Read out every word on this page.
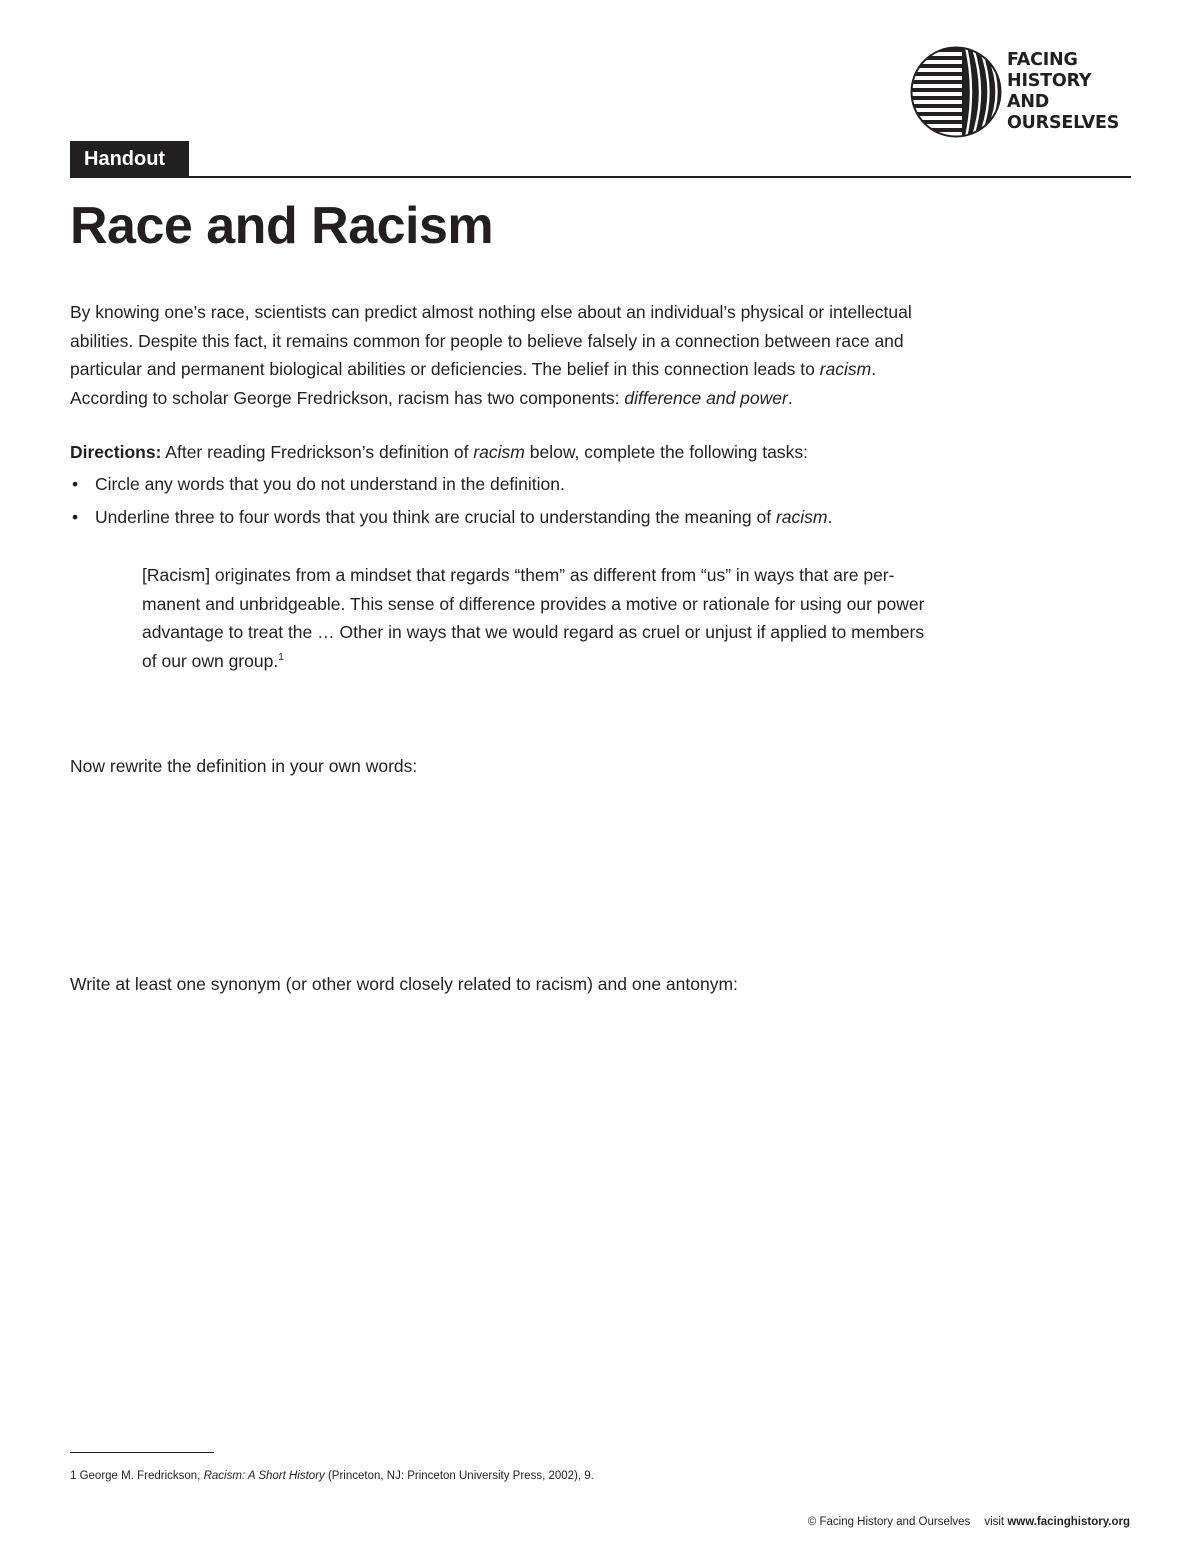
FACING
HISTORY
AND
OURSELVES
Handout
Race and Racism
By knowing one’s race, scientists can predict almost nothing else about an individual’s physical or intellectual
abilities. Despite this fact, it remains common for people to believe falsely in a connection between race and
particular and permanent biological abilities or deficiencies. The belief in this connection leads to racism.
According to scholar George Fredrickson, racism has two components: difference and power.
Directions: After reading Fredrickson’s definition of racism below, complete the following tasks:
• Circle any words that you do not understand in the definition.
• Underline three to four words that you think are crucial to understanding the meaning of racism.
[Racism] originates from a mindset that regards “them” as different from “us” in ways that are per-
manent and unbridgeable. This sense of difference provides a motive or rationale for using our power
advantage to treat the … Other in ways that we would regard as cruel or unjust if applied to members
of our own group.$^1$
Now rewrite the definition in your own words:
Write at least one synonym (or other word closely related to racism) and one antonym:
1 George M. Fredrickson, Racism: A Short History (Princeton, NJ: Princeton University Press, 2002), 9.
© Facing History and Ourselves visit www.facinghistory.org
